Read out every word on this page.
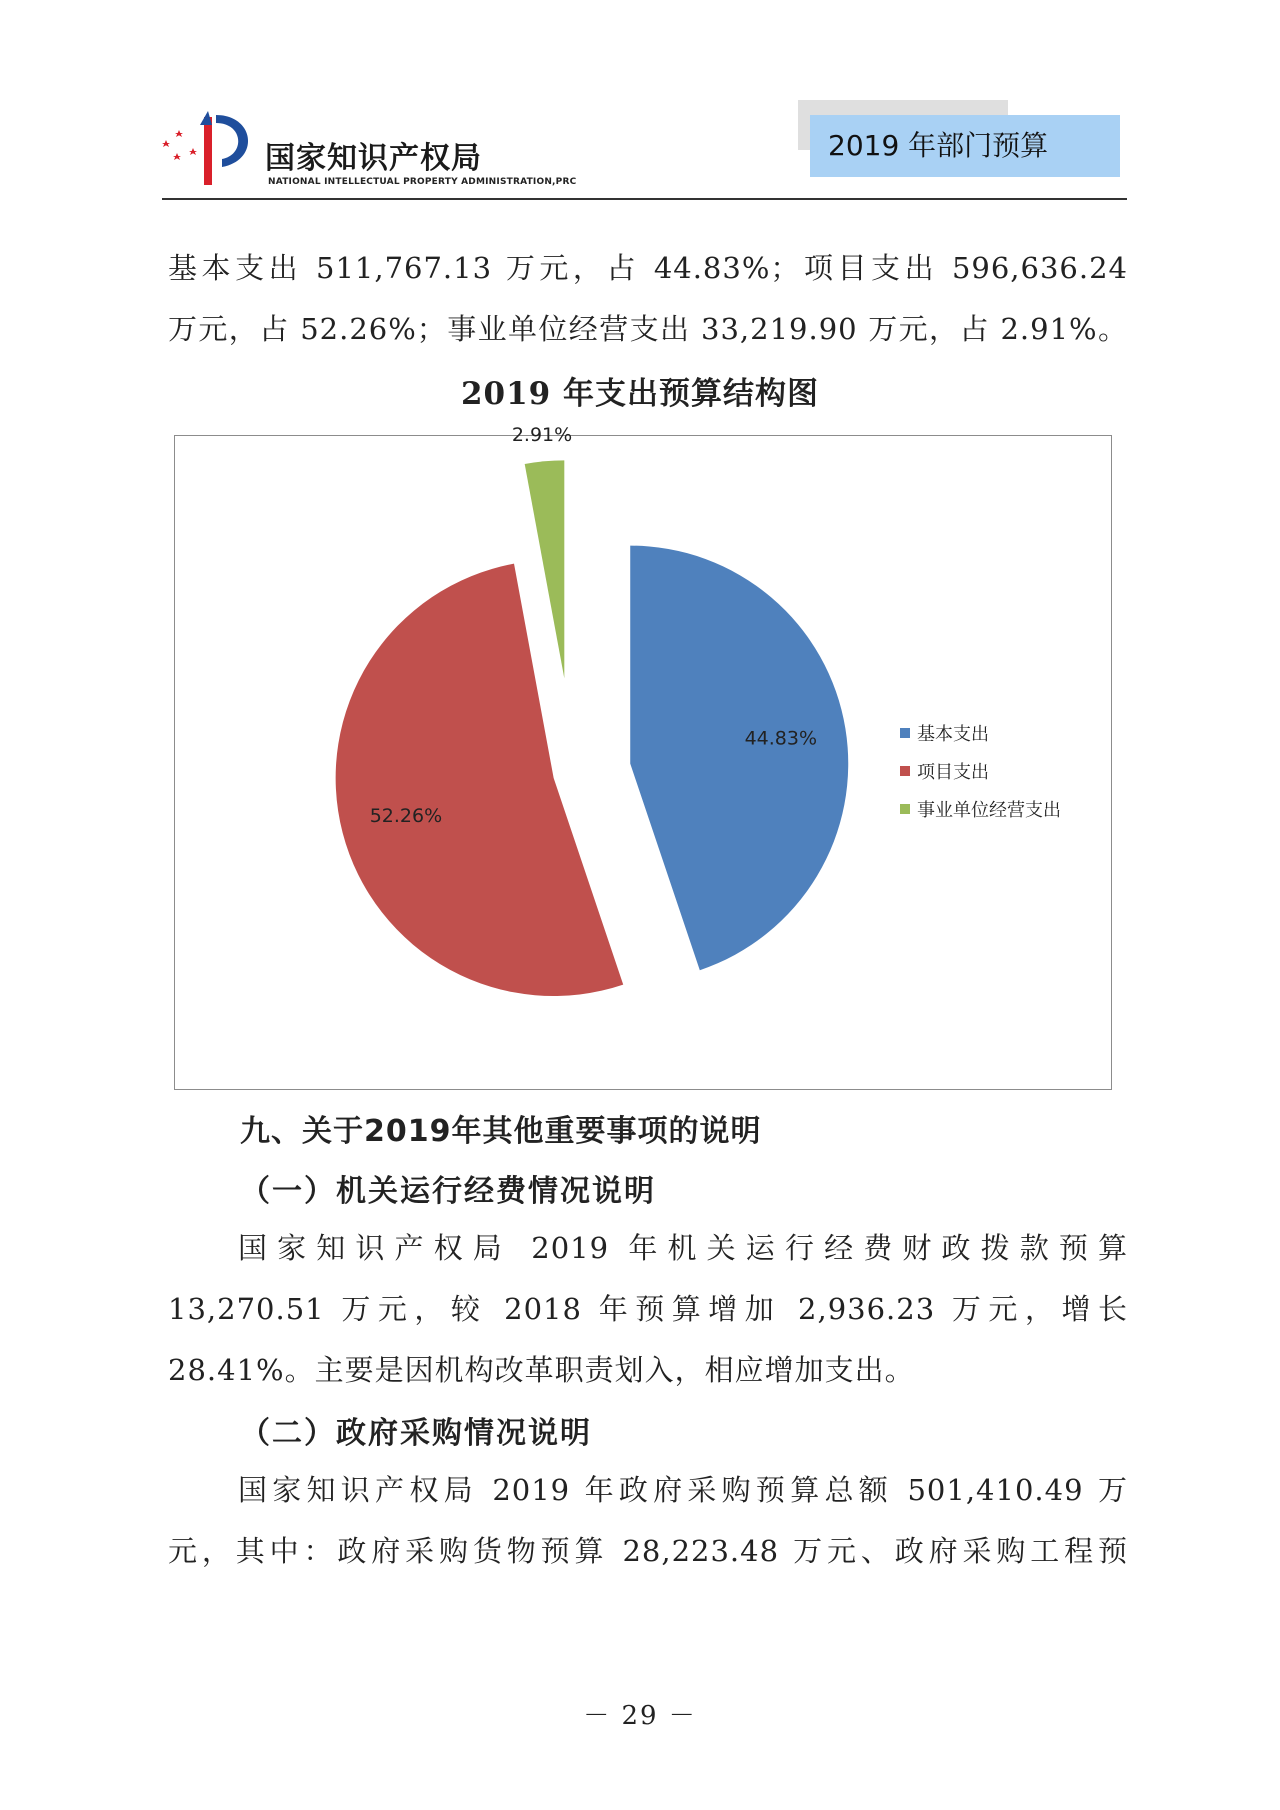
国家知识产权局
NATIONAL INTELLECTUAL PROPERTY ADMINISTRATION,PRC
2019 年部门预算
基本支出 511,767.13 万元，占 44.83%；项目支出 596,636.24
万元，占 52.26%；事业单位经营支出 33,219.90 万元，占 2.91%。
2019 年支出预算结构图
44.83%
52.26%
2.91%
基本支出
项目支出
事业单位经营支出
九、关于2019年其他重要事项的说明
（一）机关运行经费情况说明
国家知识产权局 2019 年机关运行经费财政拨款预算
13,270.51 万元，较 2018 年预算增加 2,936.23 万元，增长
28.41%。主要是因机构改革职责划入，相应增加支出。
（二）政府采购情况说明
国家知识产权局 2019 年政府采购预算总额 501,410.49 万
元，其中：政府采购货物预算 28,223.48 万元、政府采购工程预
－ 29 －
